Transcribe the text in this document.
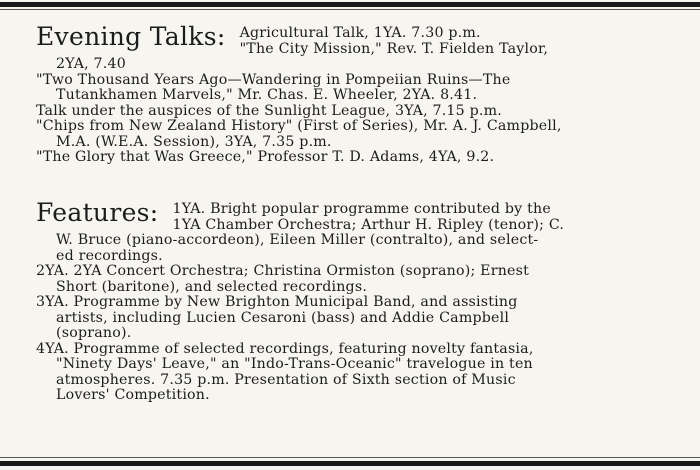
Evening Talks: Agricultural Talk, 1YA. 7.30 p.m.
"The City Mission," Rev. T. Fielden Taylor,
2YA, 7.40
"Two Thousand Years Ago—Wandering in Pompeiian Ruins—The
Tutankhamen Marvels," Mr. Chas. E. Wheeler, 2YA. 8.41.
Talk under the auspices of the Sunlight League, 3YA, 7.15 p.m.
"Chips from New Zealand History" (First of Series), Mr. A. J. Campbell,
M.A. (W.E.A. Session), 3YA, 7.35 p.m.
"The Glory that Was Greece," Professor T. D. Adams, 4YA, 9.2.
Features: 1YA. Bright popular programme contributed by the
1YA Chamber Orchestra; Arthur H. Ripley (tenor); C.
W. Bruce (piano-accordeon), Eileen Miller (contralto), and select-
ed recordings.
2YA. 2YA Concert Orchestra; Christina Ormiston (soprano); Ernest
Short (baritone), and selected recordings.
3YA. Programme by New Brighton Municipal Band, and assisting
artists, including Lucien Cesaroni (bass) and Addie Campbell
(soprano).
4YA. Programme of selected recordings, featuring novelty fantasia,
"Ninety Days' Leave," an "Indo-Trans-Oceanic" travelogue in ten
atmospheres. 7.35 p.m. Presentation of Sixth section of Music
Lovers' Competition.
